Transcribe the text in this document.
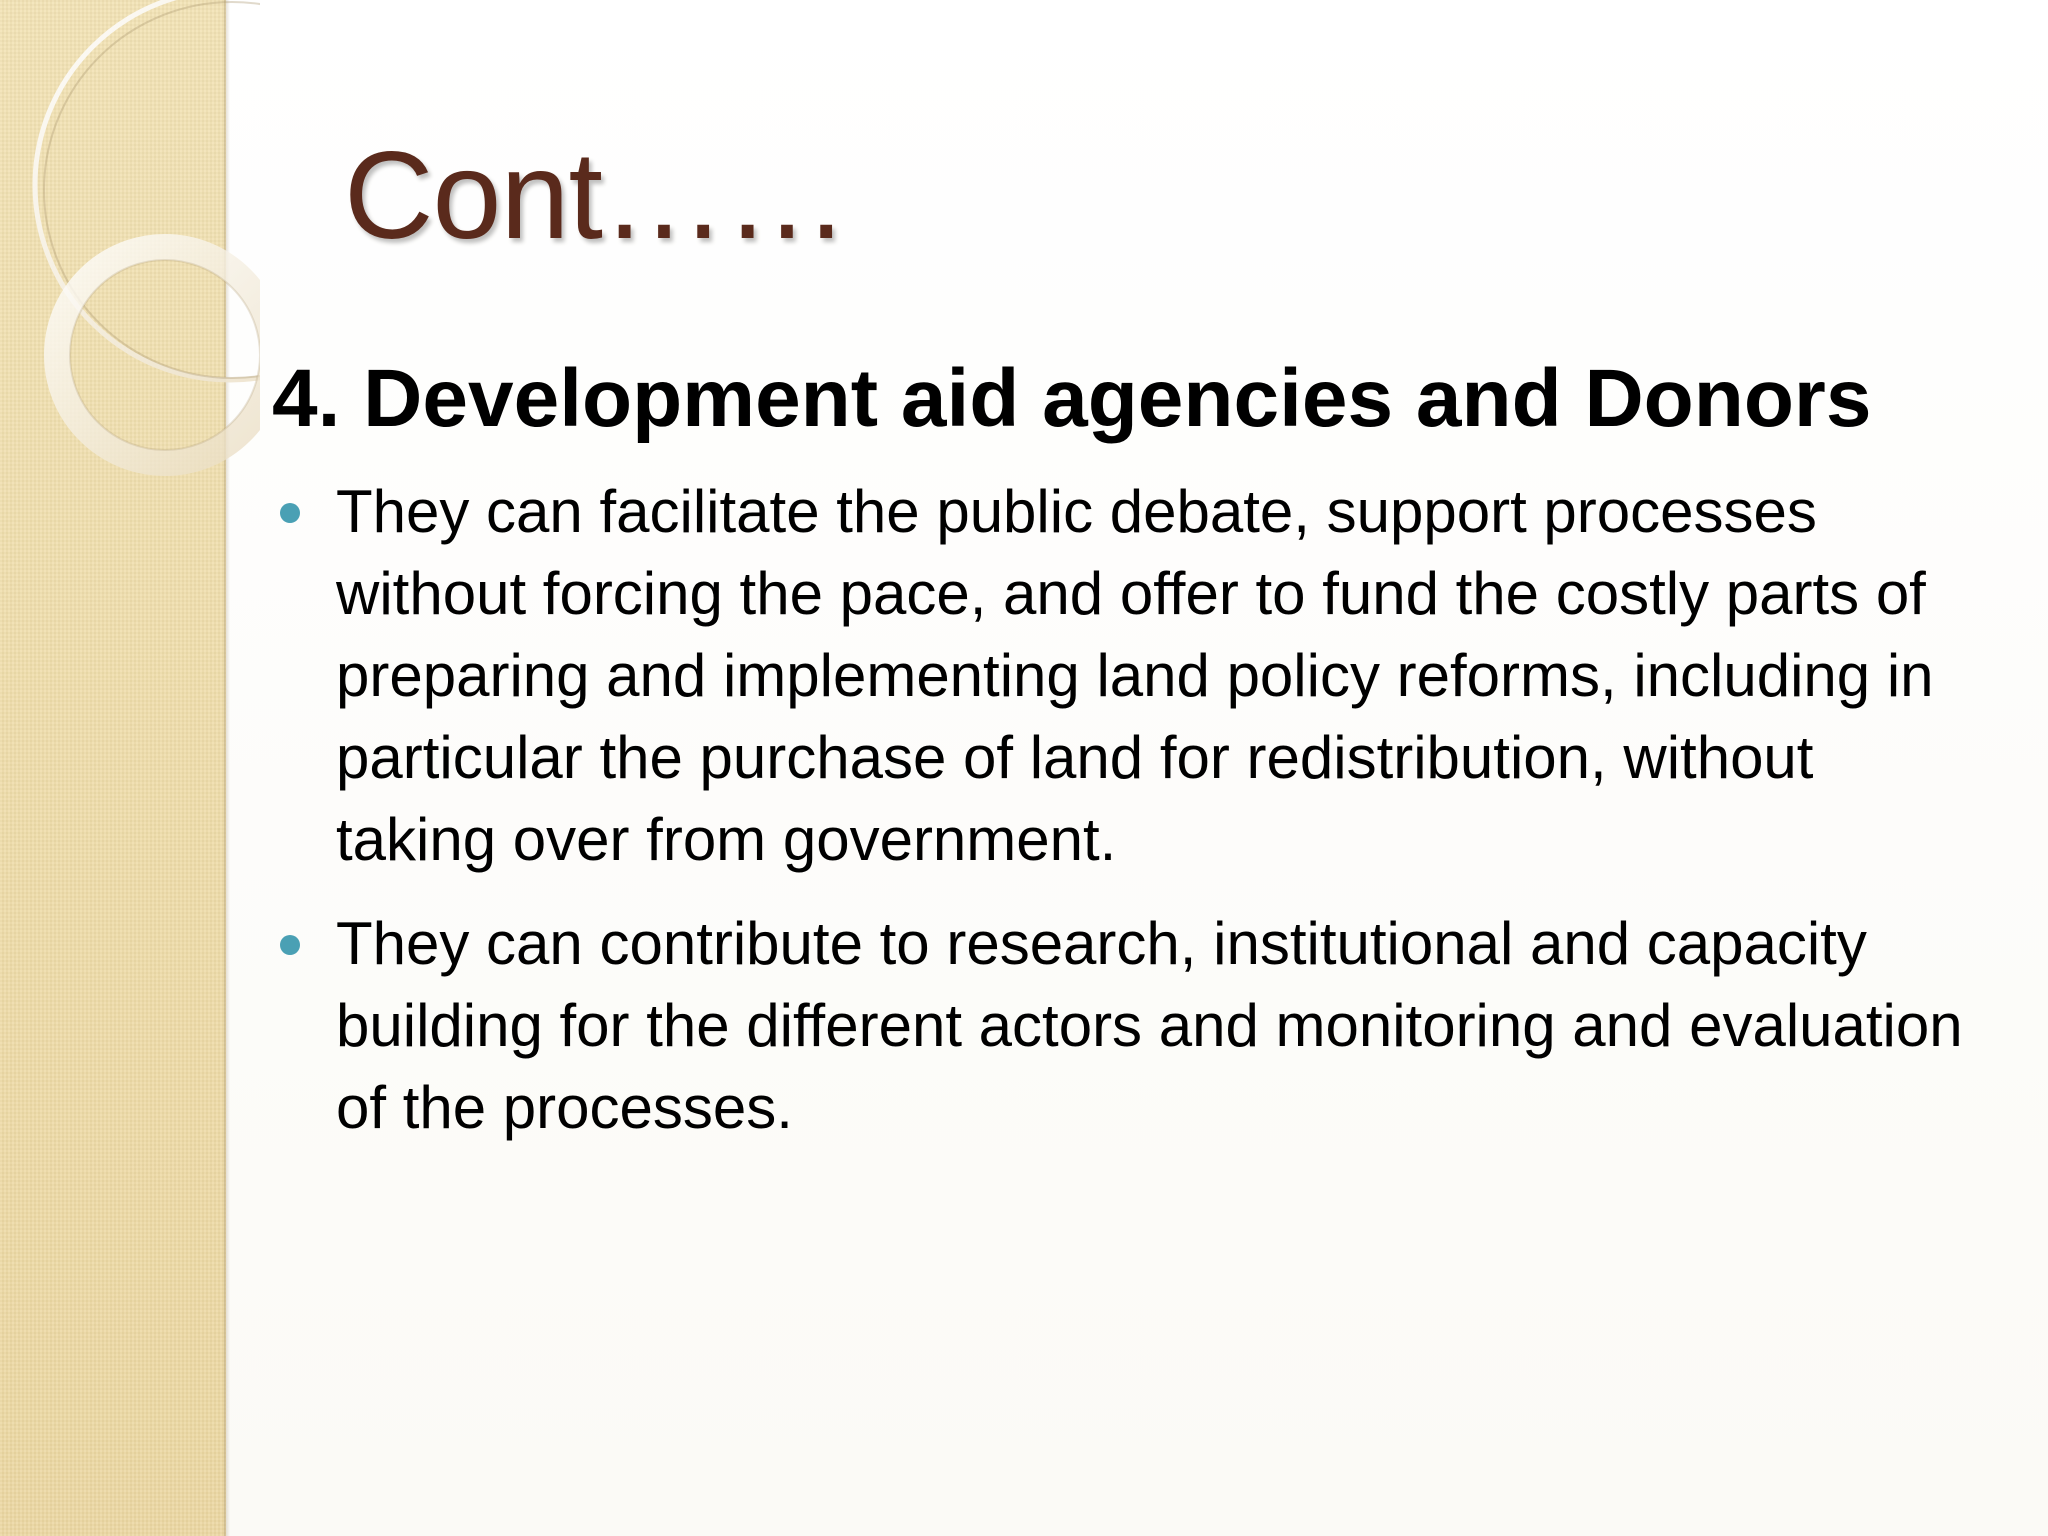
Cont……
4. Development aid agencies and Donors
They can facilitate the public debate, support processes without forcing the pace, and offer to fund the costly parts of preparing and implementing land policy reforms, including in particular the purchase of land for redistribution, without taking over from government.
They can contribute to research, institutional and capacity building for the different actors and monitoring and evaluation of the processes.
